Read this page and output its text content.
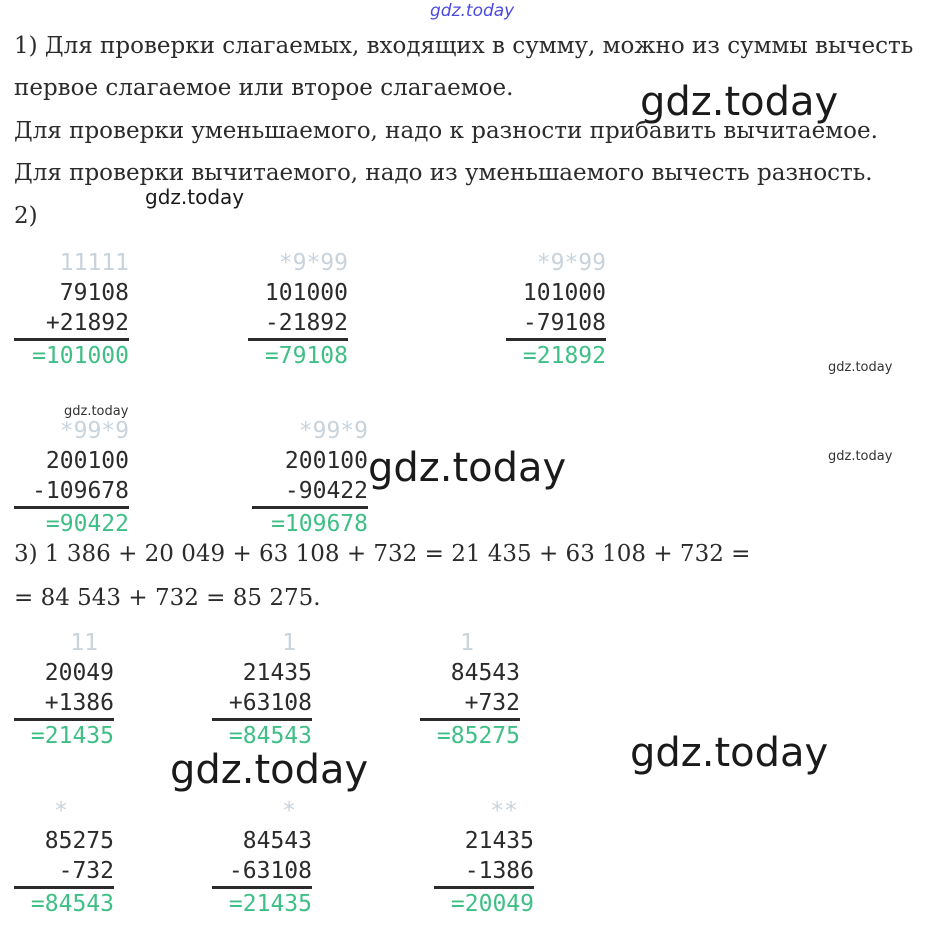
gdz.today
gdz.today
gdz.today
gdz.today
gdz.today
gdz.today
gdz.today
gdz.today
gdz.today
1) Для проверки слагаемых, входящих в сумму, можно из суммы вычесть
первое слагаемое или второе слагаемое.
Для проверки уменьшаемого, надо к разности прибавить вычитаемое.
Для проверки вычитаемого, надо из уменьшаемого вычесть разность.
2)
11111
79108
+21892
=101000
*9*99
101000
-21892
=79108
*9*99
101000
-79108
=21892
*99*9
200100
-109678
=90422
*99*9
200100
-90422
=109678
3) 1 386 + 20 049 + 63 108 + 732 = 21 435 + 63 108 + 732 =
= 84 543 + 732 = 85 275.
11
20049
+1386
=21435
1
21435
+63108
=84543
1
84543
+732
=85275
*
85275
-732
=84543
*
84543
-63108
=21435
**
21435
-1386
=20049
